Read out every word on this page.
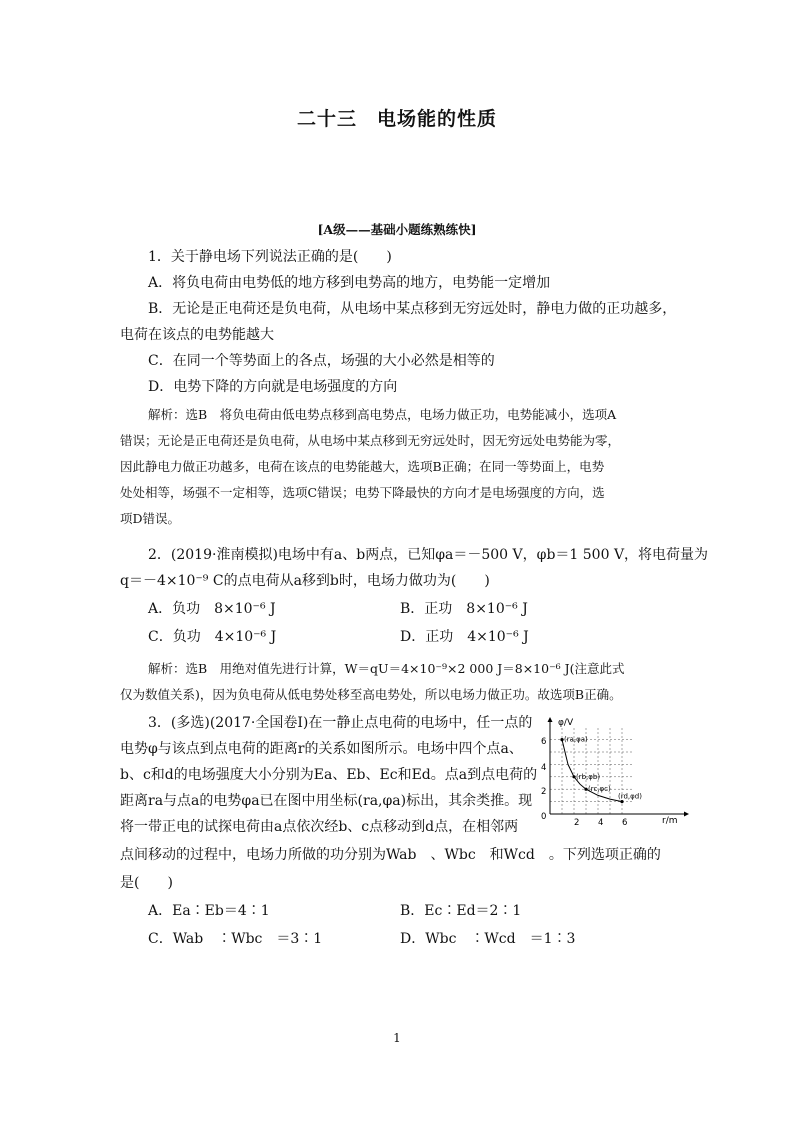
二十三　电场能的性质
[A级——基础小题练熟练快]
1．关于静电场下列说法正确的是(　　)
A．将负电荷由电势低的地方移到电势高的地方，电势能一定增加
B．无论是正电荷还是负电荷，从电场中某点移到无穷远处时，静电力做的正功越多，
电荷在该点的电势能越大
C．在同一个等势面上的各点，场强的大小必然是相等的
D．电势下降的方向就是电场强度的方向
解析：选B　将负电荷由低电势点移到高电势点，电场力做正功，电势能减小，选项A
错误；无论是正电荷还是负电荷，从电场中某点移到无穷远处时，因无穷远处电势能为零，
因此静电力做正功越多，电荷在该点的电势能越大，选项B正确；在同一等势面上，电势
处处相等，场强不一定相等，选项C错误；电势下降最快的方向才是电场强度的方向，选
项D错误。
2．(2019·淮南模拟)电场中有a、b两点，已知φa＝－500 V，φb＝1 500 V，将电荷量为
q＝－4×10⁻⁹ C的点电荷从a移到b时，电场力做功为(　　)
A．负功　8×10⁻⁶ J	B．正功　8×10⁻⁶ J
C．负功　4×10⁻⁶ J	D．正功　4×10⁻⁶ J
解析：选B　用绝对值先进行计算，W＝qU＝4×10⁻⁹×2 000 J＝8×10⁻⁶ J(注意此式
仅为数值关系)，因为负电荷从低电势处移至高电势处，所以电场力做正功。故选项B正确。
3．(多选)(2017·全国卷Ⅰ)在一静止点电荷的电场中，任一点的
电势φ与该点到点电荷的距离r的关系如图所示。电场中四个点a、
b、c和d的电场强度大小分别为Ea、Eb、Ec和Ed。点a到点电荷的
距离ra与点a的电势φa已在图中用坐标(ra,φa)标出，其余类推。现
将一带正电的试探电荷由a点依次经b、c点移动到d点，在相邻两
点间移动的过程中，电场力所做的功分别为Wab　、Wbc　和Wcd　。下列选项正确的
是(　　)
A．Ea∶Eb＝4∶1	B．Ec∶Ed＝2∶1
C．Wab　∶Wbc　＝3∶1	D．Wbc　∶Wcd　＝1∶3
φ/V
r/m
6
4
2
0
2 4 6
(ra,φa)
(rb,φb)
(rc,φc)
(rd,φd)
1
